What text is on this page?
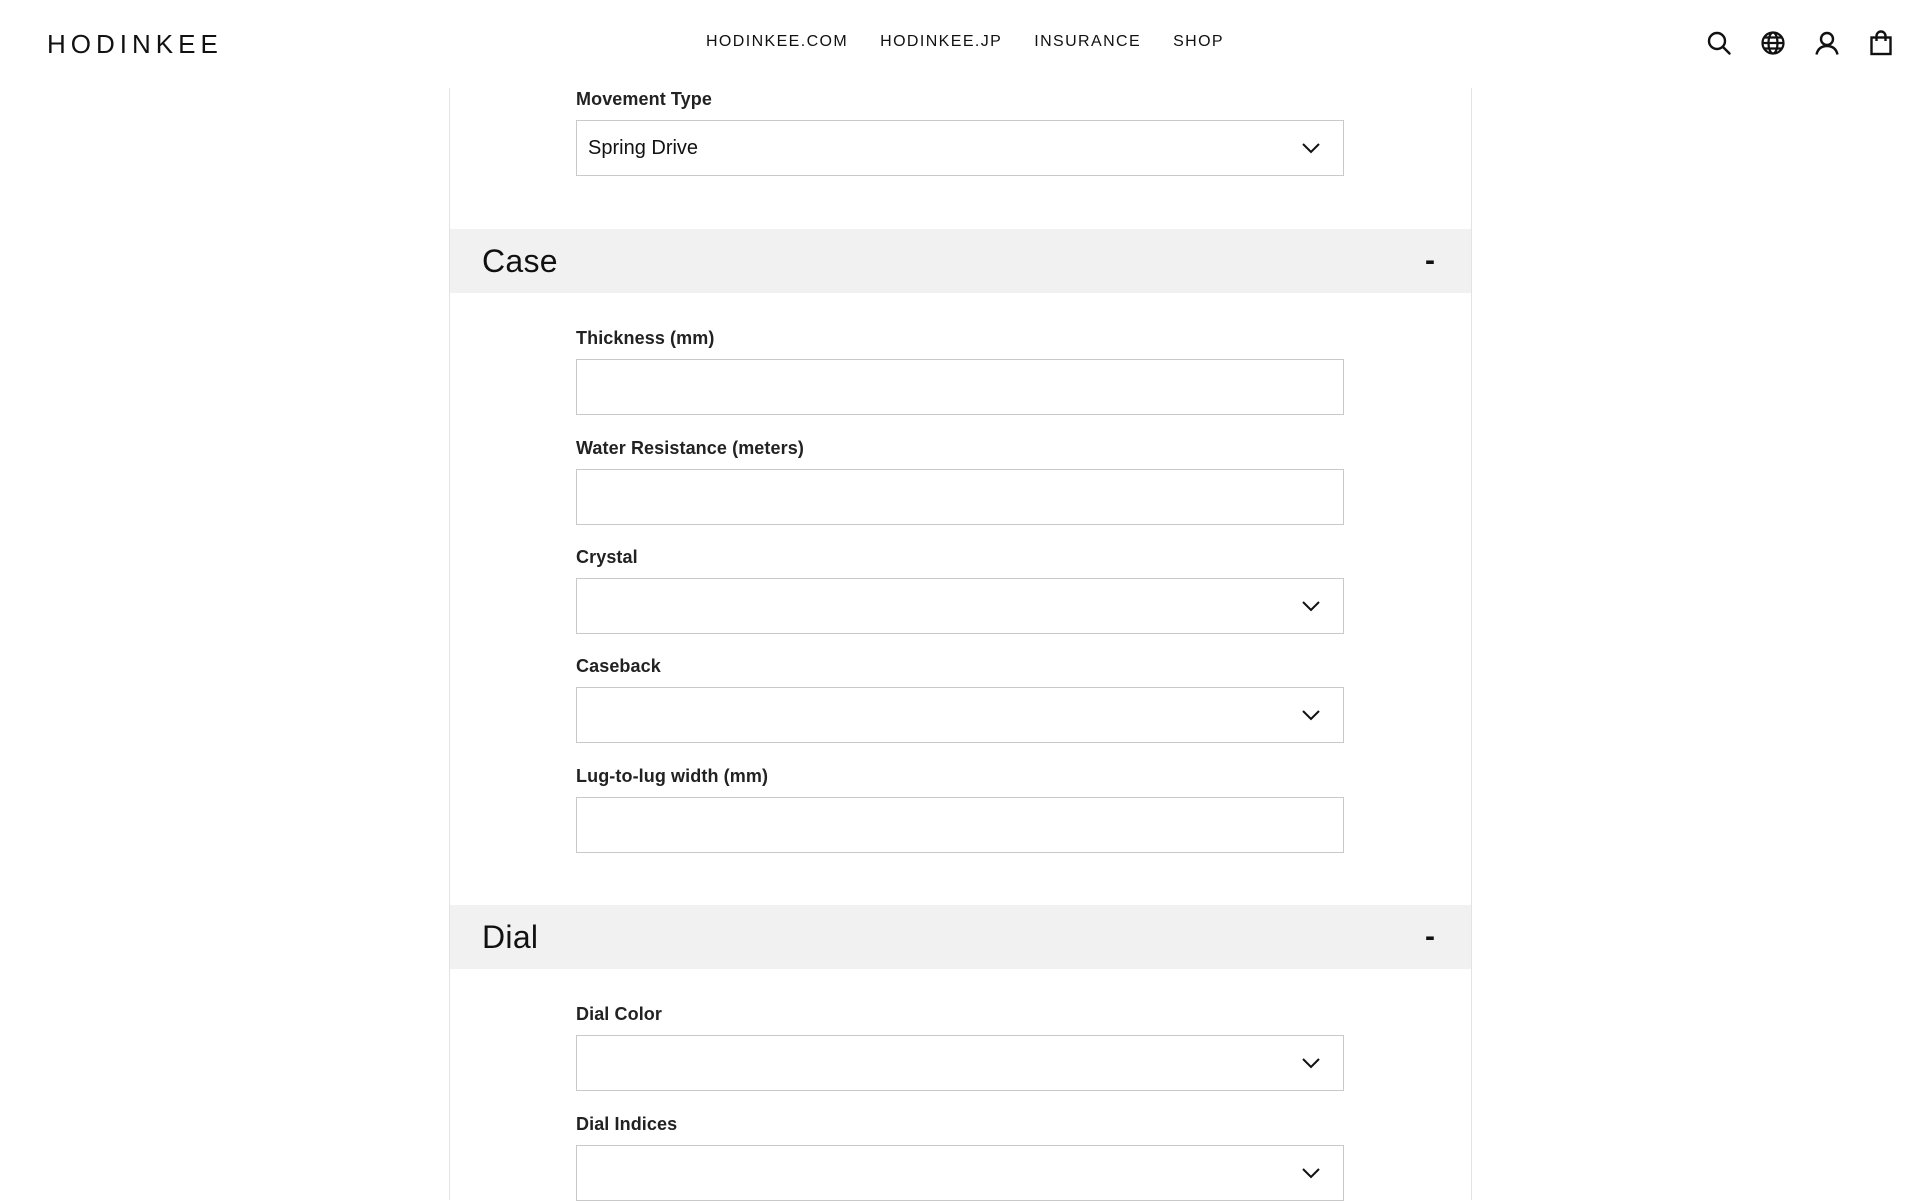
HODINKEE	HODINKEE.COM HODINKEE.JP INSURANCE SHOP
Movement Type
Spring Drive
Case	-
Thickness (mm)
Water Resistance (meters)
Crystal
Caseback
Lug-to-lug width (mm)
Dial	-
Dial Color
Dial Indices
